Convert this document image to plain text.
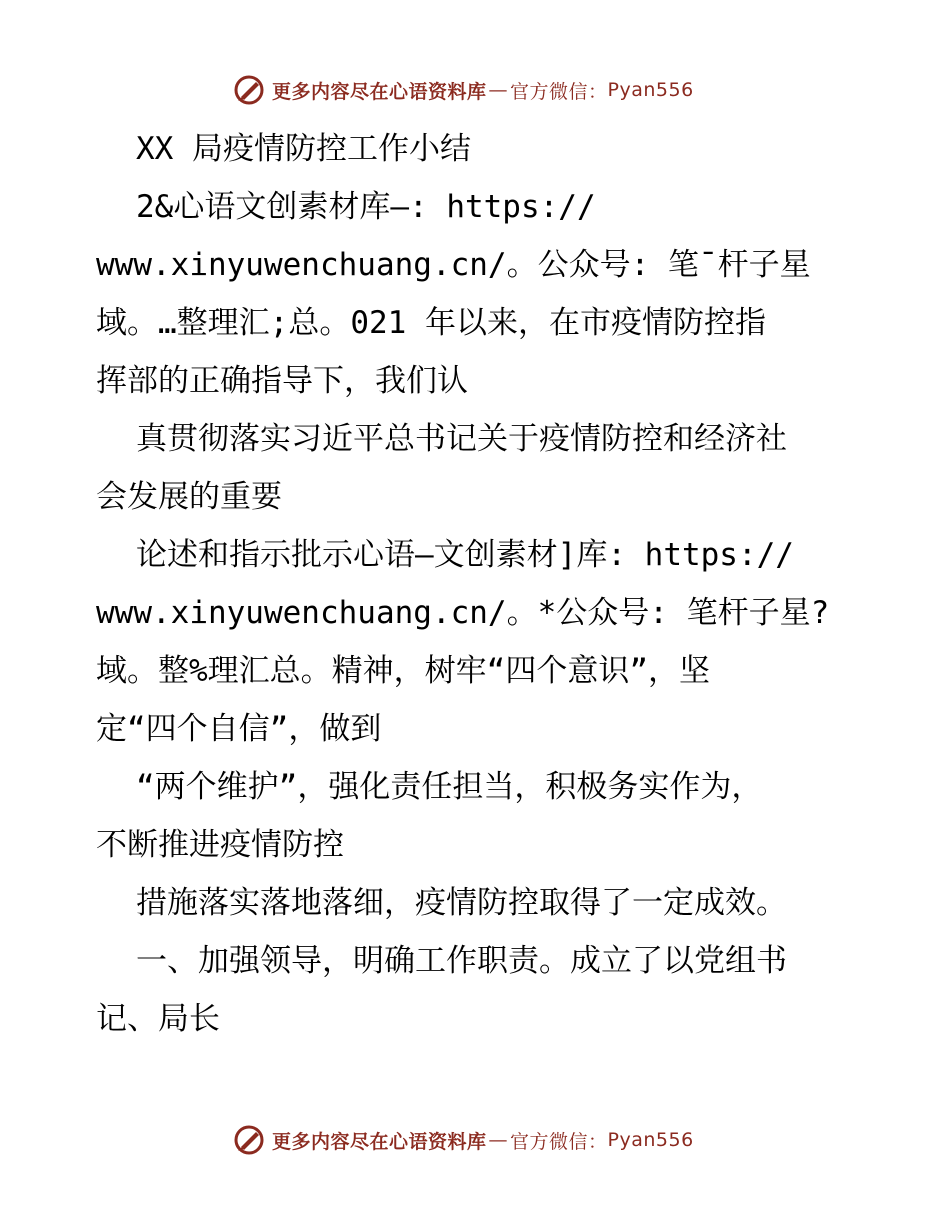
更多内容尽在心语资料库 — 官方微信： Pyan556
XX 局疫情防控工作小结
2&心语文创素材库—: https://
www.xinyuwenchuang.cn/。公众号: 笔¯杆子星
域。…整理汇;总。021 年以来，在市疫情防控指
挥部的正确指导下，我们认
真贯彻落实习近平总书记关于疫情防控和经济社
会发展的重要
论述和指示批示心语—文创素材]库: https://
www.xinyuwenchuang.cn/。*公众号: 笔杆子星?
域。整%理汇总。精神，树牢“四个意识”，坚
定“四个自信”，做到
“两个维护”，强化责任担当，积极务实作为，
不断推进疫情防控
措施落实落地落细，疫情防控取得了一定成效。
一、加强领导，明确工作职责。成立了以党组书
记、局长
更多内容尽在心语资料库 — 官方微信： Pyan556
